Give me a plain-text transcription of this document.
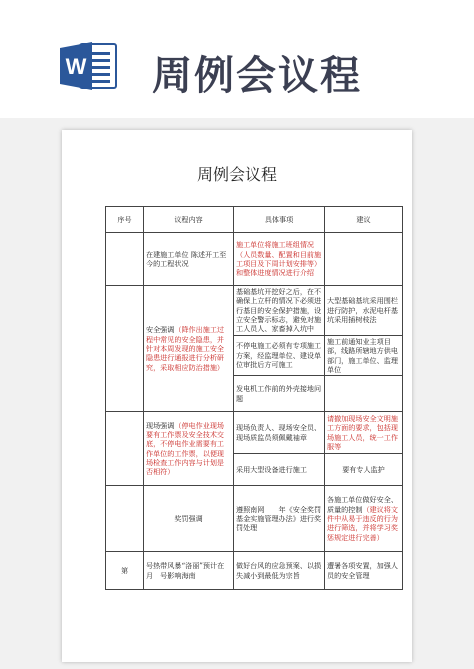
W 周例会议程
周例会议程
序号	议程内容	具体事项	建议
	在建施工单位 陈述开工至今的工程状况	施工单位将施工班组情况（人员数量、配置和目前施工项目及下周计划安排等）和整体进度情况进行介绍	
	安全强调（降作出施工过程中常见的安全隐患，并针对本周发现的施工安全隐患进行通报进行分析研究，采取相应防治措施）	基础基坑开挖好之后，在不确保上立杆的情况下必须进行基目的安全保护措施，设立安全警示标志，避免对施工人员人、家畜掉入坑中	大型基础基坑采用围栏进行防护，水泥电杆基坑采用插树枝法
		不停电施工必须有专项施工方案，经监理单位、建设单位审批后方可施工	施工前通知业主项目部，线路所辖地方供电部门，施工单位、监理单位
		发电机工作前的外壳接地问题	
	现场强调（停电作业现场要有工作票及安全技术交底，不停电作业需要有工作单位的工作票，以便现场检查工作内容与计划是否相符）	现场负责人、现场安全员、现场质监员须佩戴袖章	请撤加现场安全文明施工方面的要求，包括现场施工人员，统一工作服等
		采用大型设备进行施工	要有专人监护
	奖罚强调	遵照南网　　年《安全奖罚基金实施管理办法》进行奖罚处理	各施工单位做好安全、质量的控制（建议将文件中从易于违反的行为进行筛选，并将学习奖惩规定进行完善）
第	号热带风暴“洛丽”预计在　月　号影响海南	做好台风的应急预案、以损失减小到最低为宗旨	遭暑各项安置，加强人员的安全管理
